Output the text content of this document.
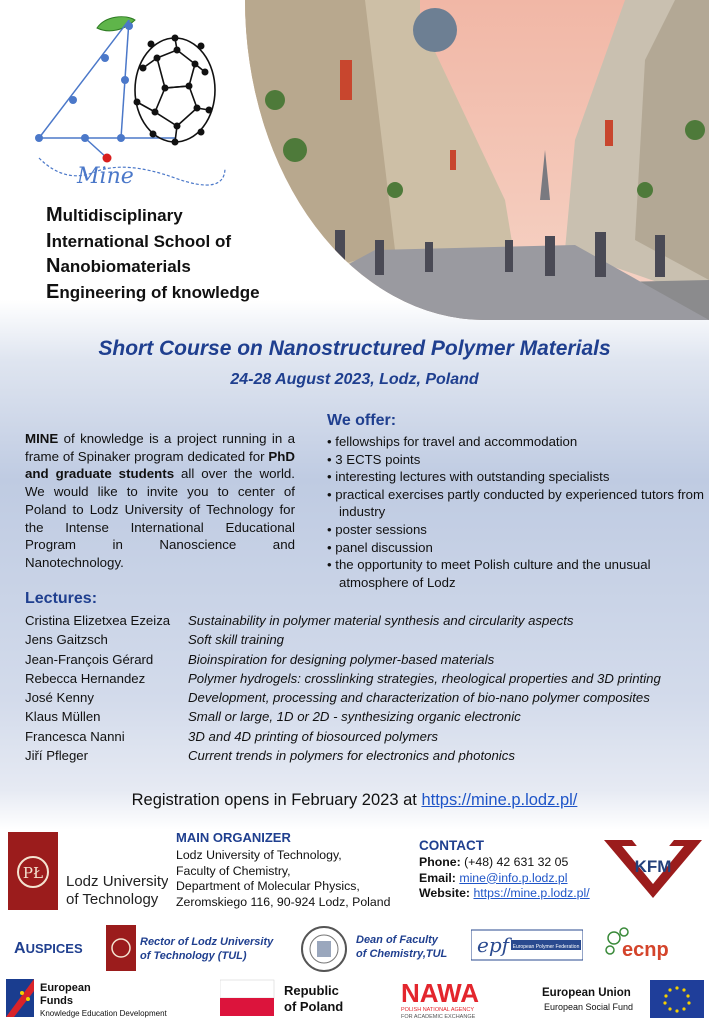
Mine
Multidisciplinary
International School of
Nanobiomaterials
Engineering of knowledge
Short Course on Nanostructured Polymer Materials
24-28 August 2023, Lodz, Poland
MINE of knowledge is a project running in a frame of Spinaker program dedicated for PhD and graduate students all over the world. We would like to invite you to center of Poland to Lodz University of Technology for the Intense International Educational Program in Nanoscience and Nanotechnology.
We offer:
• fellowships for travel and accommodation
• 3 ECTS points
• interesting lectures with outstanding specialists
• practical exercises partly conducted by experienced tutors from industry
• poster sessions
• panel discussion
• the opportunity to meet Polish culture and the unusual atmosphere of Lodz
Lectures:
Cristina Elizetxea Ezeiza	Sustainability in polymer material synthesis and circularity aspects
Jens Gaitzsch	Soft skill training
Jean-François Gérard	Bioinspiration for designing polymer-based materials
Rebecca Hernandez	Polymer hydrogels: crosslinking strategies, rheological properties and 3D printing
José Kenny	Development, processing and characterization of bio-nano polymer composites
Klaus Müllen	Small or large, 1D or 2D - synthesizing organic electronic
Francesca Nanni	3D and 4D printing of biosourced polymers
Jiří Pfleger	Current trends in polymers for electronics and photonics
Registration opens in February 2023 at https://mine.p.lodz.pl/
PŁ Lodz University
of Technology
MAIN ORGANIZER
Lodz University of Technology,
Faculty of Chemistry,
Department of Molecular Physics,
Zeromskiego 116, 90-924 Lodz, Poland
CONTACT
Phone: (+48) 42 631 32 05
Email: mine@info.p.lodz.pl
Website: https://mine.p.lodz.pl/
KFM
AUSPICES	Rector of Lodz University
of Technology (TUL)
Dean of Faculty
of Chemistry,TUL epf European Polymer Federation ecnp
European
Funds
Knowledge Education Development
Republic
of Poland NAWA
POLISH NATIONAL AGENCY
FOR ACADEMIC EXCHANGE
European Union
European Social Fund
